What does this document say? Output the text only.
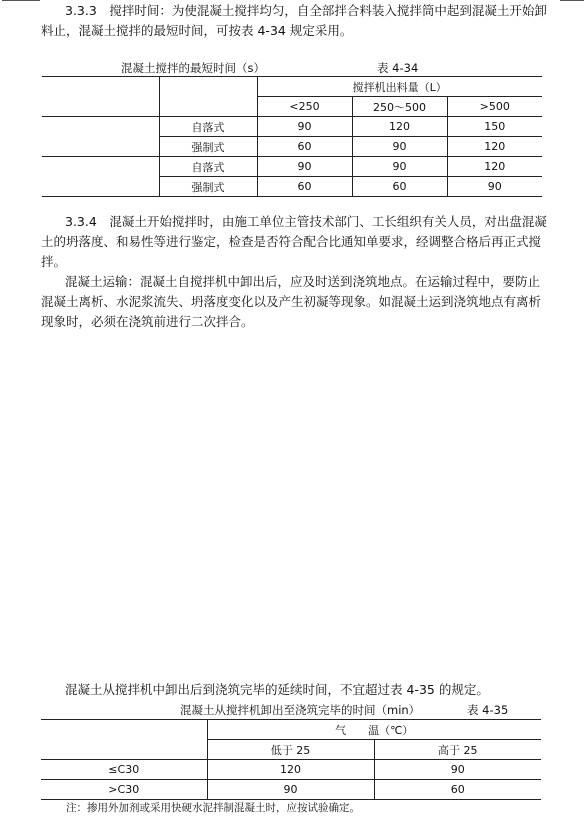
3.3.3　 搅拌时间：为使混凝土搅拌均匀，自全部拌合料装入搅拌筒中起到混凝土开始卸料止，混凝土搅拌的最短时间，可按表 4-34 规定采用。

混凝土搅拌的最短时间（s）	表 4-34
		搅拌机出料量（L）		
		<250	250～500	>500
	自落式	90	120	150
	强制式	60	90	120
	自落式	90	90	120
	强制式	60	60	90

3.3.4　 混凝土开始搅拌时，由施工单位主管技术部门、工长组织有关人员，对出盘混凝土的坍落度、和易性等进行鉴定，检查是否符合配合比通知单要求，经调整合格后再正式搅拌。

混凝土运输：混凝土自搅拌机中卸出后，应及时送到浇筑地点。在运输过程中，要防止混凝土离析、水泥浆流失、坍落度变化以及产生初凝等现象。如混凝土运到浇筑地点有离析现象时，必须在浇筑前进行二次拌合。

混凝土从搅拌机中卸出后到浇筑完毕的延续时间，不宜超过表 4-35 的规定。

混凝土从搅拌机卸出至浇筑完毕的时间（min）	表 4-35
	气　　温（℃）	
	低于 25	高于 25
≤C30	120	90
>C30	90	60
注：掺用外加剂或采用快硬水泥拌制混凝土时，应按试验确定。
